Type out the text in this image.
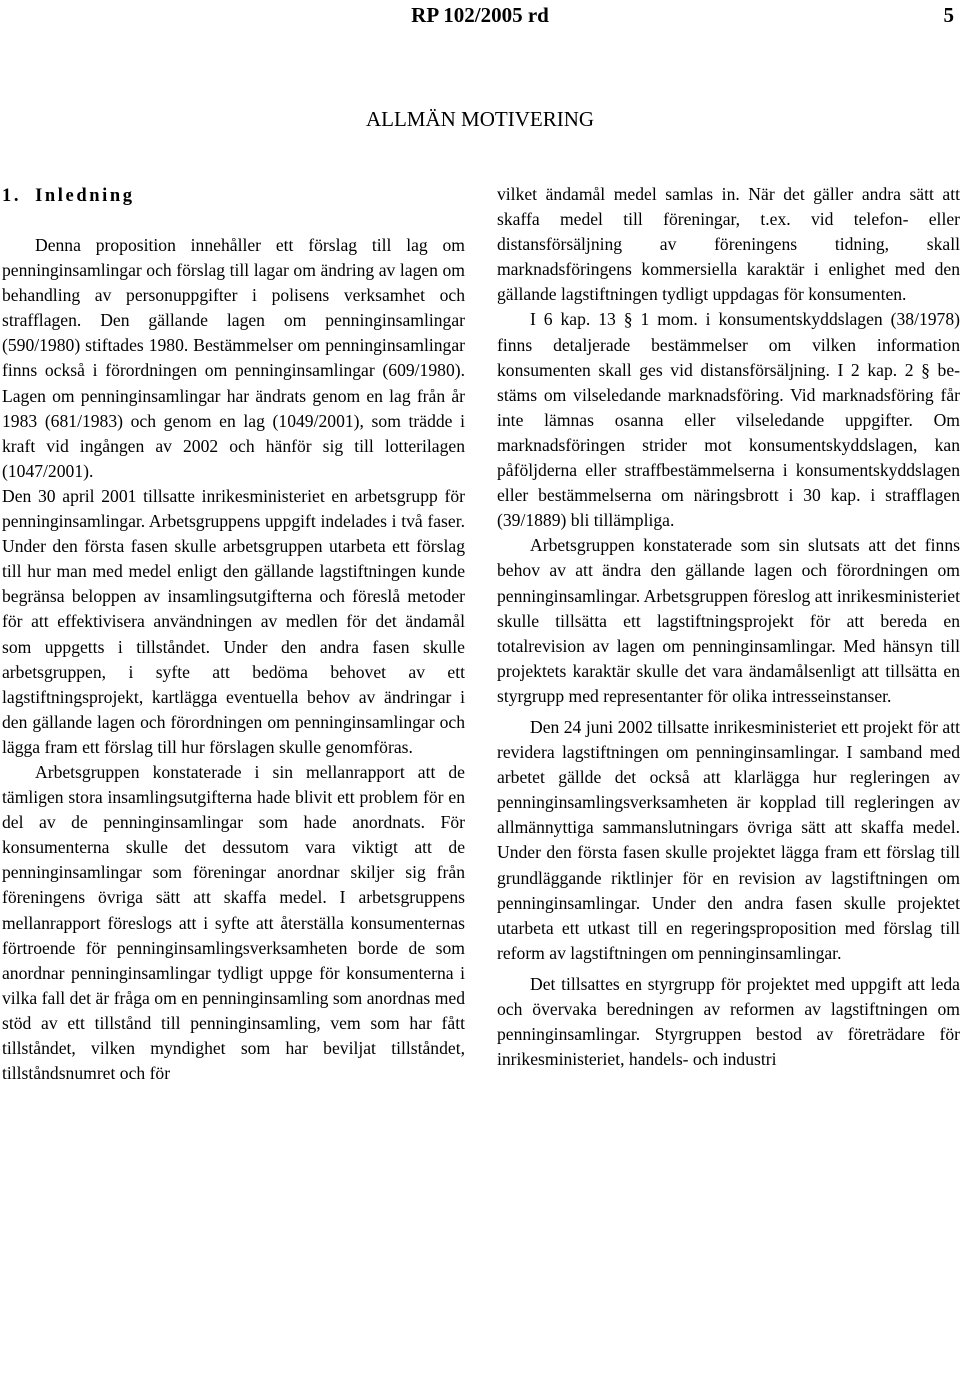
RP 102/2005 rd	5
ALLMÄN MOTIVERING
1. Inledning

Denna proposition innehåller ett förslag till lag om penninginsamlingar och förslag till lagar om ändring av lagen om behandling av personuppgifter i polisens verksamhet och strafflagen. Den gällande lagen om penninginsamlingar (590/1980) stiftades 1980. Bestämmelser om penninginsamlingar finns också i förordningen om penninginsamlingar (609/1980). Lagen om penninginsamlingar har ändrats genom en lag från år 1983 (681/1983) och genom en lag (1049/2001), som trädde i kraft vid ingången av 2002 och hänför sig till lotterilagen (1047/2001).

Den 30 april 2001 tillsatte inrikesministeriet en arbetsgrupp för penninginsamlingar. Arbetsgruppens uppgift indelades i två faser. Under den första fasen skulle arbetsgruppen utarbeta ett förslag till hur man med medel enligt den gällande lagstiftningen kunde begränsa beloppen av insamlingsutgifterna och föreslå metoder för att effektivisera användningen av medlen för det ändamål som uppgetts i tillståndet. Under den andra fasen skulle arbetsgruppen, i syfte att bedöma behovet av ett lagstiftningsprojekt, kartlägga eventuella behov av ändringar i den gällande lagen och förordningen om penninginsamlingar och lägga fram ett förslag till hur förslagen skulle genomföras.

Arbetsgruppen konstaterade i sin mellanrapport att de tämligen stora insamlingsutgifterna hade blivit ett problem för en del av de penninginsamlingar som hade anordnats. För konsumenterna skulle det dessutom vara viktigt att de penninginsamlingar som föreningar anordnar skiljer sig från föreningens övriga sätt att skaffa medel. I arbetsgruppens mellanrapport föreslogs att i syfte att återställa konsumenternas förtroende för penninginsamlingsverksamheten borde de som anordnar penninginsamlingar tydligt uppge för konsumenterna i vilka fall det är fråga om en penninginsamling som anordnas med stöd av ett tillstånd till penninginsamling, vem som har fått tillståndet, vilken myndighet som har beviljat tillståndet, tillståndsnumret och för

vilket ändamål medel samlas in. När det gäller andra sätt att skaffa medel till föreningar, t.ex. vid telefon- eller distansförsäljning av föreningens tidning, skall marknadsföringens kommersiella karaktär i enlighet med den gällande lagstiftningen tydligt uppdagas för konsumenten.

I 6 kap. 13 § 1 mom. i konsumentskyddslagen (38/1978) finns detaljerade bestämmelser om vilken information konsumenten skall ges vid distansförsäljning. I 2 kap. 2 § bestäms om vilseledande marknadsföring. Vid marknadsföring får inte lämnas osanna eller vilseledande uppgifter. Om marknadsföringen strider mot konsumentskyddslagen, kan påföljderna eller straffbestämmelserna i konsumentskyddslagen eller bestämmelserna om näringsbrott i 30 kap. i strafflagen (39/1889) bli tillämpliga.

Arbetsgruppen konstaterade som sin slutsats att det finns behov av att ändra den gällande lagen och förordningen om penninginsamlingar. Arbetsgruppen föreslog att inrikesministeriet skulle tillsätta ett lagstiftningsprojekt för att bereda en totalrevision av lagen om penninginsamlingar. Med hänsyn till projektets karaktär skulle det vara ändamålsenligt att tillsätta en styrgrupp med representanter för olika intresseinstanser.

Den 24 juni 2002 tillsatte inrikesministeriet ett projekt för att revidera lagstiftningen om penninginsamlingar. I samband med arbetet gällde det också att klarlägga hur regleringen av penninginsamlingsverksamheten är kopplad till regleringen av allmännyttiga sammanslutningars övriga sätt att skaffa medel. Under den första fasen skulle projektet lägga fram ett förslag till grundläggande riktlinjer för en revision av lagstiftningen om penninginsamlingar. Under den andra fasen skulle projektet utarbeta ett utkast till en regeringsproposition med förslag till reform av lagstiftningen om penninginsamlingar.

Det tillsattes en styrgrupp för projektet med uppgift att leda och övervaka beredningen av reformen av lagstiftningen om penninginsamlingar. Styrgruppen bestod av företrädare för inrikesministeriet, handels- och industri
